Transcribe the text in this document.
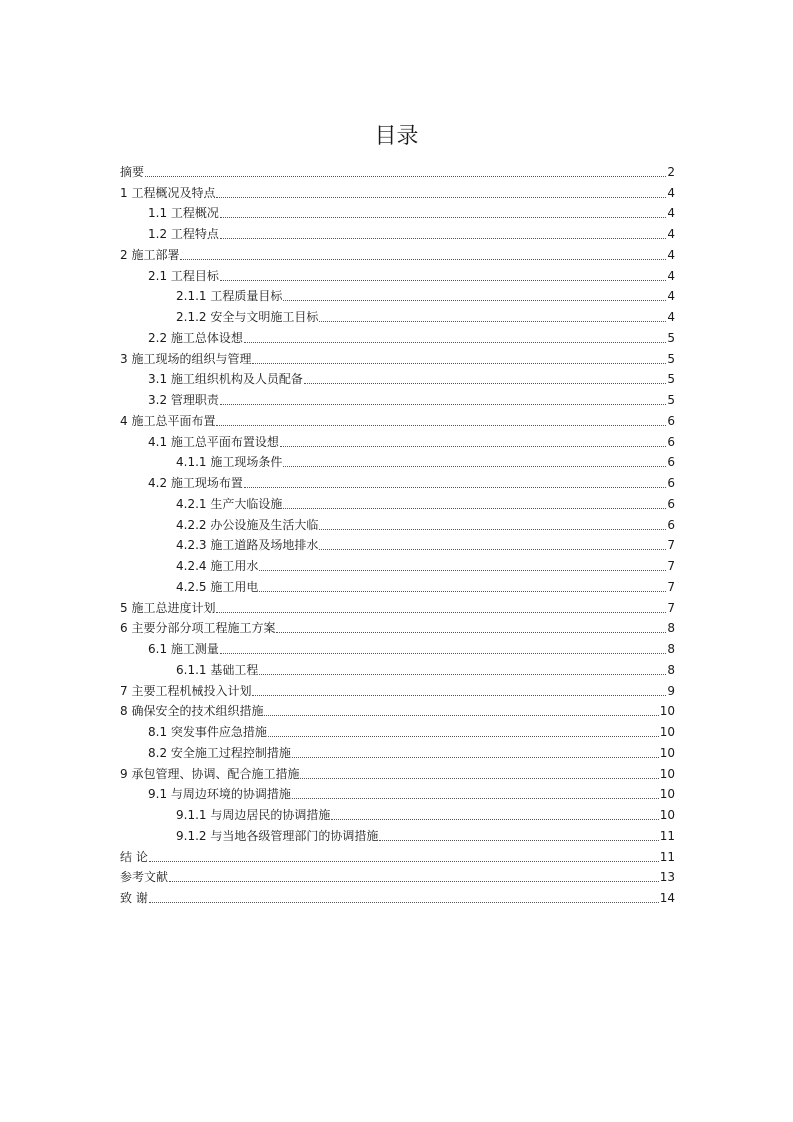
目录
摘要	2
1 工程概况及特点	4
1.1 工程概况	4
1.2 工程特点	4
2 施工部署	4
2.1 工程目标	4
2.1.1 工程质量目标	4
2.1.2 安全与文明施工目标	4
2.2 施工总体设想	5
3 施工现场的组织与管理	5
3.1 施工组织机构及人员配备	5
3.2 管理职责	5
4 施工总平面布置	6
4.1 施工总平面布置设想	6
4.1.1 施工现场条件	6
4.2 施工现场布置	6
4.2.1 生产大临设施	6
4.2.2 办公设施及生活大临	6
4.2.3 施工道路及场地排水	7
4.2.4 施工用水	7
4.2.5 施工用电	7
5 施工总进度计划	7
6 主要分部分项工程施工方案	8
6.1 施工测量	8
6.1.1 基础工程	8
7 主要工程机械投入计划	9
8 确保安全的技术组织措施	10
8.1 突发事件应急措施	10
8.2 安全施工过程控制措施	10
9 承包管理、协调、配合施工措施	10
9.1 与周边环境的协调措施	10
9.1.1 与周边居民的协调措施	10
9.1.2 与当地各级管理部门的协调措施	11
结 论	11
参考文献	13
致 谢	14
